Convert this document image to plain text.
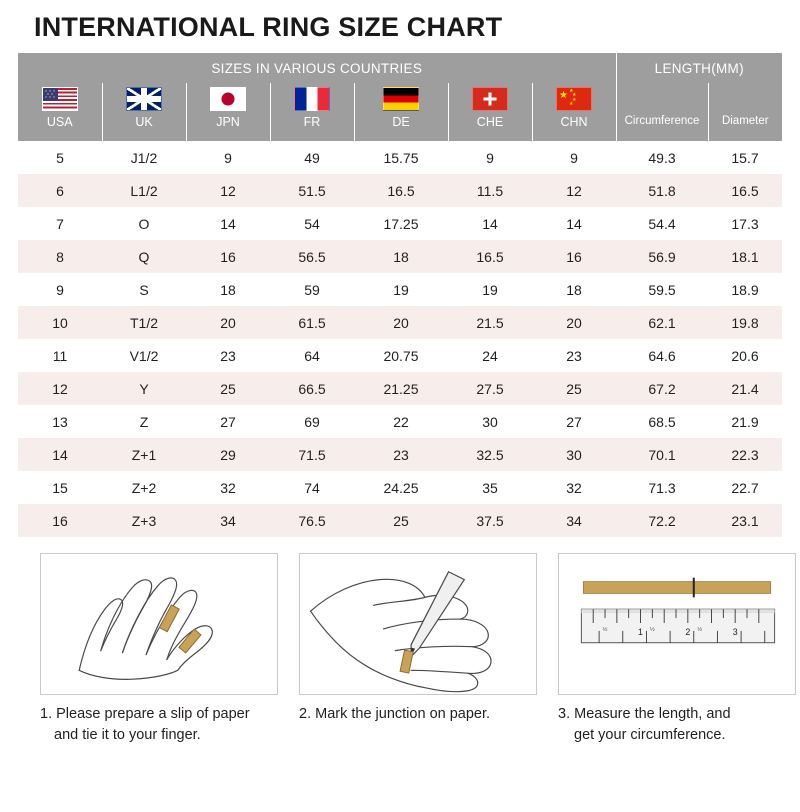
INTERNATIONAL RING SIZE CHART
SIZES IN VARIOUS COUNTRIES							LENGTH(MM)	

						★ ★
★
★
★		

USA	UK	JPN	FR	DE	CHE	CHN	Circumference	Diameter
5	J1/2	9	49	15.75	9	9	49.3	15.7
6	L1/2	12	51.5	16.5	11.5	12	51.8	16.5
7	O	14	54	17.25	14	14	54.4	17.3
8	Q	16	56.5	18	16.5	16	56.9	18.1
9	S	18	59	19	19	18	59.5	18.9
10	T1/2	20	61.5	20	21.5	20	62.1	19.8
11	V1/2	23	64	20.75	24	23	64.6	20.6
12	Y	25	66.5	21.25	27.5	25	67.2	21.4
13	Z	27	69	22	30	27	68.5	21.9
14	Z+1	29	71.5	23	32.5	30	70.1	22.3
15	Z+2	32	74	24.25	35	32	71.3	22.7
16	Z+3	34	76.5	25	37.5	34	72.2	23.1
1. Please prepare a slip of paper
and tie it to your finger.
2. Mark the junction on paper.
1	2	3
½	½	½
3. Measure the length, and
get your circumference.
